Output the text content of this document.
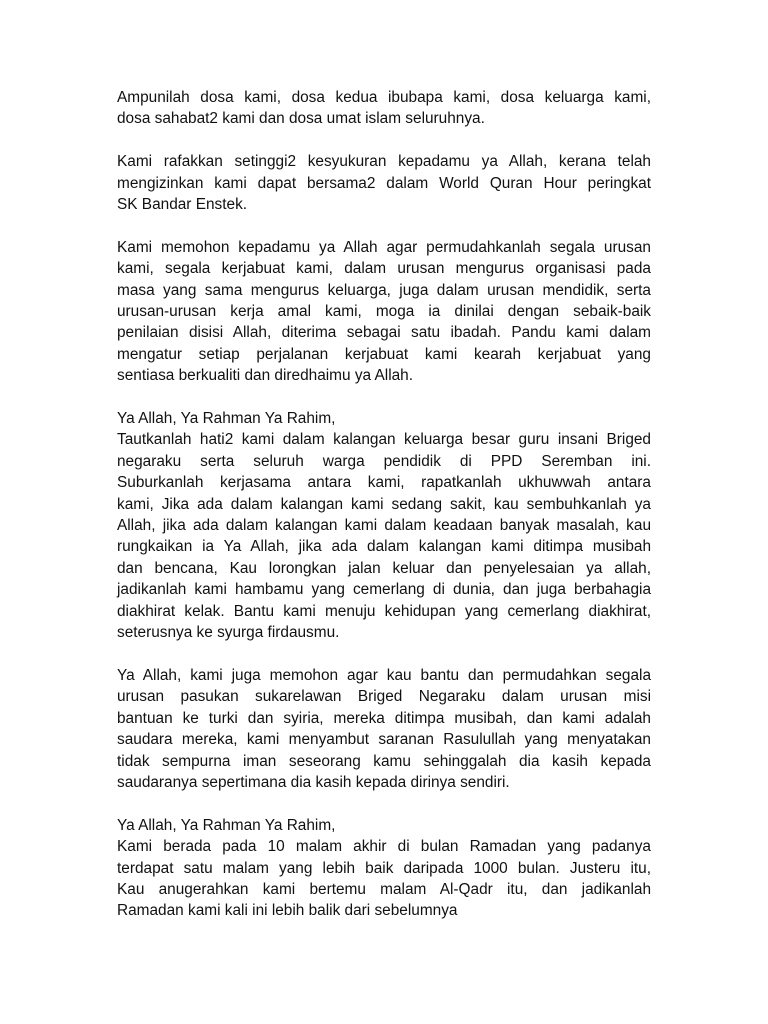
Ampunilah dosa kami, dosa kedua ibubapa kami, dosa keluarga kami,
dosa sahabat2 kami dan dosa umat islam seluruhnya.
Kami rafakkan setinggi2 kesyukuran kepadamu ya Allah, kerana telah
mengizinkan kami dapat bersama2 dalam World Quran Hour peringkat
SK Bandar Enstek.
Kami memohon kepadamu ya Allah agar permudahkanlah segala urusan
kami, segala kerjabuat kami, dalam urusan mengurus organisasi pada
masa yang sama mengurus keluarga, juga dalam urusan mendidik, serta
urusan-urusan kerja amal kami, moga ia dinilai dengan sebaik-baik
penilaian disisi Allah, diterima sebagai satu ibadah. Pandu kami dalam
mengatur setiap perjalanan kerjabuat kami kearah kerjabuat yang
sentiasa berkualiti dan diredhaimu ya Allah.
Ya Allah, Ya Rahman Ya Rahim,
Tautkanlah hati2 kami dalam kalangan keluarga besar guru insani Briged
negaraku serta seluruh warga pendidik di PPD Seremban ini.
Suburkanlah kerjasama antara kami, rapatkanlah ukhuwwah antara
kami, Jika ada dalam kalangan kami sedang sakit, kau sembuhkanlah ya
Allah, jika ada dalam kalangan kami dalam keadaan banyak masalah, kau
rungkaikan ia Ya Allah, jika ada dalam kalangan kami ditimpa musibah
dan bencana, Kau lorongkan jalan keluar dan penyelesaian ya allah,
jadikanlah kami hambamu yang cemerlang di dunia, dan juga berbahagia
diakhirat kelak. Bantu kami menuju kehidupan yang cemerlang diakhirat,
seterusnya ke syurga firdausmu.
Ya Allah, kami juga memohon agar kau bantu dan permudahkan segala
urusan pasukan sukarelawan Briged Negaraku dalam urusan misi
bantuan ke turki dan syiria, mereka ditimpa musibah, dan kami adalah
saudara mereka, kami menyambut saranan Rasulullah yang menyatakan
tidak sempurna iman seseorang kamu sehinggalah dia kasih kepada
saudaranya sepertimana dia kasih kepada dirinya sendiri.
Ya Allah, Ya Rahman Ya Rahim,
Kami berada pada 10 malam akhir di bulan Ramadan yang padanya
terdapat satu malam yang lebih baik daripada 1000 bulan. Justeru itu,
Kau anugerahkan kami bertemu malam Al-Qadr itu, dan jadikanlah
Ramadan kami kali ini lebih balik dari sebelumnya
